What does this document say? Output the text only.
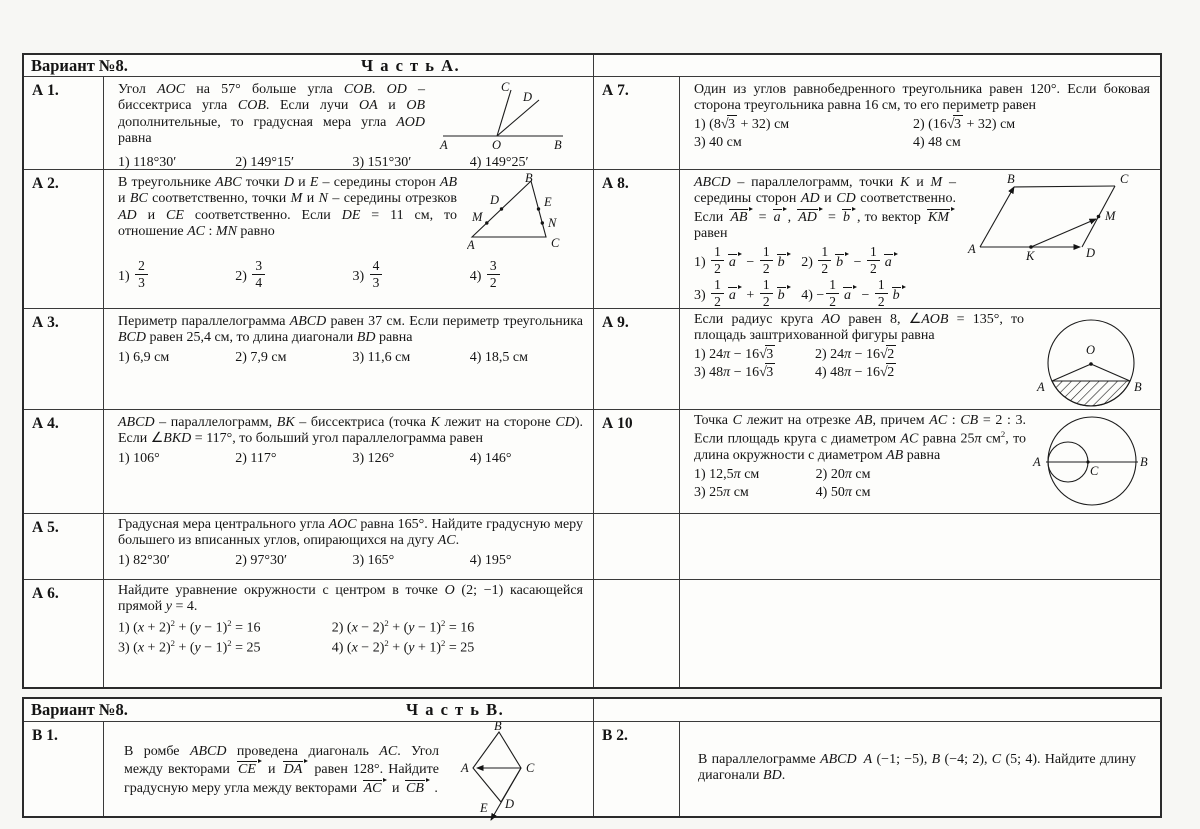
Вариант №8.	Ч а с т ь А.
А 1.	Угол AOC на 57° больше угла COB. OD – биссектриса угла COB. Если лучи OA и OB дополнительные, то градусная мера угла AOD равна	A	O	B
C
D
1) 118°30′	2) 149°15′	3) 151°30′	4) 149°25′
А 7.	Один из углов равнобедренного треугольника равен 120°. Если боковая сторона треугольника равна 16 см, то его периметр равен
1) (8√3 + 32) см	2) (16√3 + 32) см
3) 40 см	4) 48 см
А 2.	В треугольнике ABC точки D и E – середины сторон AB и BC соответственно, точки M и N – середины отрезков AD и CE соответственно. Если DE = 11 см, то отношение AC : MN равно
A
B
C
D
M
E
N
$1) \frac{2}{3}$	$2) \frac{3}{4}$	$3) \frac{4}{3}$	$4) \frac{3}{2}$
А 8.	ABCD – параллелограмм, точки K и M – середины сторон AD и CD соответственно. Если AB = a , AD = b , то вектор KM равен
$1) \frac{1}{2}$ $a - \frac{1}{2}$ b	$2) \frac{1}{2}$ $b - \frac{1}{2}$ a
$3) \frac{1}{2}$ $a + \frac{1}{2}$ b	$4) - \frac{1}{2}$ $a - \frac{1}{2}$ b
A
B	C
D
K
M
А 3.	Периметр параллелограмма ABCD равен 37 см. Если периметр треугольника BCD равен 25,4 см, то длина диагонали BD равна
1) 6,9 см	2) 7,9 см	3) 11,6 см	4) 18,5 см
А 9.	Если радиус круга AO равен 8, ∠AOB = 135°, то площадь заштрихованной фигуры равна
1) 24π − 16√3	2) 24π − 16√2
3) 48π − 16√3	4) 48π − 16√2
O
A	B
А 4.	ABCD – параллелограмм, BK – биссектриса (точка K лежит на стороне CD). Если ∠BKD = 117°, то больший угол параллелограмма равен
1) 106°	2) 117°	3) 126°	4) 146°
А 10	Точка C лежит на отрезке AB, причем AC : CB = 2 : 3. Если площадь круга с диаметром AC равна 25π $см^2$, то длина окружности с диаметром AB равна
1) 12,5π см	2) 20π см
3) 25π см	4) 50π см
A	B
C
А 5.	Градусная мера центрального угла AOC равна 165°. Найдите градусную меру большего из вписанных углов, опирающихся на дугу AC.
1) 82°30′	2) 97°30′	3) 165°	4) 195°
А 6.	Найдите уравнение окружности с центром в точке O (2; −1) касающейся прямой y = 4.
1) $(x + 2)^2 + (y - 1)^2 = 16$	2) $(x - 2)^2 + (y - 1)^2 = 16$
3) $(x + 2)^2 + (y - 1)^2 = 25$	4) $(x - 2)^2 + (y + 1)^2 = 25$
Вариант №8.	Ч а с т ь В.
В 1.
В ромбе ABCD проведена диагональ AC. Угол между векторами CE и DA равен 128°. Найдите градусную меру угла между векторами AC и CB .
B
A	C
D
E
В 2.
В параллелограмме ABCD  A (−1; −5), B (−4; 2), C (5; 4). Найдите длину диагонали BD.
